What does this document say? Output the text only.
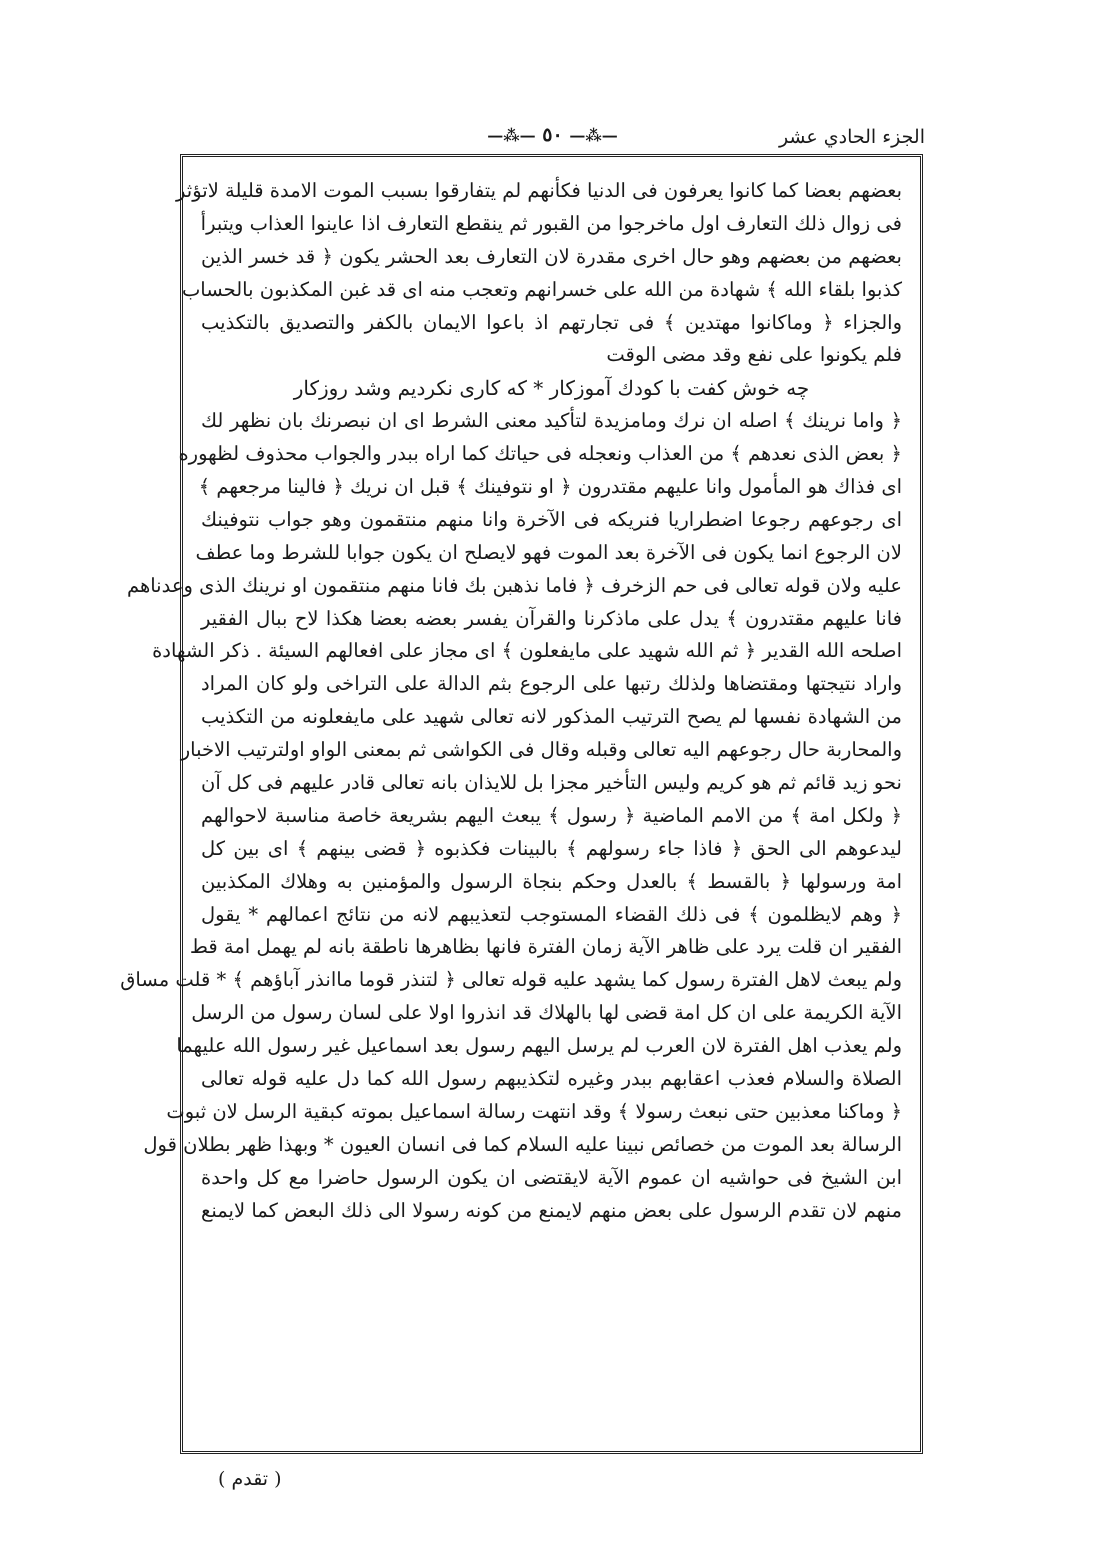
الجزء الحادي عشر
—⁂— ٥٠ —⁂—
بعضهم بعضا كما كانوا يعرفون فى الدنيا فكأنهم لم يتفارقوا بسبب الموت الامدة قليلة لاتؤثر
فى زوال ذلك التعارف اول ماخرجوا من القبور ثم ينقطع التعارف اذا عاينوا العذاب ويتبرأ
بعضهم من بعضهم وهو حال اخرى مقدرة لان التعارف بعد الحشر يكون ﴿ قد خسر الذين
كذبوا بلقاء الله ﴾ شهادة من الله على خسرانهم وتعجب منه اى قد غبن المكذبون بالحساب
والجزاء ﴿ وماكانوا مهتدين ﴾ فى تجارتهم اذ باعوا الايمان بالكفر والتصديق بالتكذيب
فلم يكونوا على نفع وقد مضى الوقت
چه خوش كفت با كودك آموزكار * كه كارى نكرديم وشد روزكار
﴿ واما نرينك ﴾ اصله ان نرك ومامزيدة لتأكيد معنى الشرط اى ان نبصرنك بان نظهر لك
﴿ بعض الذى نعدهم ﴾ من العذاب ونعجله فى حياتك كما اراه ببدر والجواب محذوف لظهوره
اى فذاك هو المأمول وانا عليهم مقتدرون ﴿ او نتوفينك ﴾ قبل ان نريك ﴿ فالينا مرجعهم ﴾
اى رجوعهم رجوعا اضطراريا فنريكه فى الآخرة وانا منهم منتقمون وهو جواب نتوفينك
لان الرجوع انما يكون فى الآخرة بعد الموت فهو لايصلح ان يكون جوابا للشرط وما عطف
عليه ولان قوله تعالى فى حم الزخرف ﴿ فاما نذهبن بك فانا منهم منتقمون او نرينك الذى وعدناهم
فانا عليهم مقتدرون ﴾ يدل على ماذكرنا والقرآن يفسر بعضه بعضا هكذا لاح ببال الفقير
اصلحه الله القدير ﴿ ثم الله شهيد على مايفعلون ﴾ اى مجاز على افعالهم السيئة . ذكر الشهادة
واراد نتيجتها ومقتضاها ولذلك رتبها على الرجوع بثم الدالة على التراخى ولو كان المراد
من الشهادة نفسها لم يصح الترتيب المذكور لانه تعالى شهيد على مايفعلونه من التكذيب
والمحاربة حال رجوعهم اليه تعالى وقبله وقال فى الكواشى ثم بمعنى الواو اولترتيب الاخبار
نحو زيد قائم ثم هو كريم وليس التأخير مجزا بل للايذان بانه تعالى قادر عليهم فى كل آن
﴿ ولكل امة ﴾ من الامم الماضية ﴿ رسول ﴾ يبعث اليهم بشريعة خاصة مناسبة لاحوالهم
ليدعوهم الى الحق ﴿ فاذا جاء رسولهم ﴾ بالبينات فكذبوه ﴿ قضى بينهم ﴾ اى بين كل
امة ورسولها ﴿ بالقسط ﴾ بالعدل وحكم بنجاة الرسول والمؤمنين به وهلاك المكذبين
﴿ وهم لايظلمون ﴾ فى ذلك القضاء المستوجب لتعذيبهم لانه من نتائج اعمالهم * يقول
الفقير ان قلت يرد على ظاهر الآية زمان الفترة فانها بظاهرها ناطقة بانه لم يهمل امة قط
ولم يبعث لاهل الفترة رسول كما يشهد عليه قوله تعالى ﴿ لتنذر قوما ماانذر آباؤهم ﴾ * قلت مساق
الآية الكريمة على ان كل امة قضى لها بالهلاك قد انذروا اولا على لسان رسول من الرسل
ولم يعذب اهل الفترة لان العرب لم يرسل اليهم رسول بعد اسماعيل غير رسول الله عليهما
الصلاة والسلام فعذب اعقابهم ببدر وغيره لتكذيبهم رسول الله كما دل عليه قوله تعالى
﴿ وماكنا معذبين حتى نبعث رسولا ﴾ وقد انتهت رسالة اسماعيل بموته كبقية الرسل لان ثبوت
الرسالة بعد الموت من خصائص نبينا عليه السلام كما فى انسان العيون * وبهذا ظهر بطلان قول
ابن الشيخ فى حواشيه ان عموم الآية لايقتضى ان يكون الرسول حاضرا مع كل واحدة
منهم لان تقدم الرسول على بعض منهم لايمنع من كونه رسولا الى ذلك البعض كما لايمنع
( تقدم )
